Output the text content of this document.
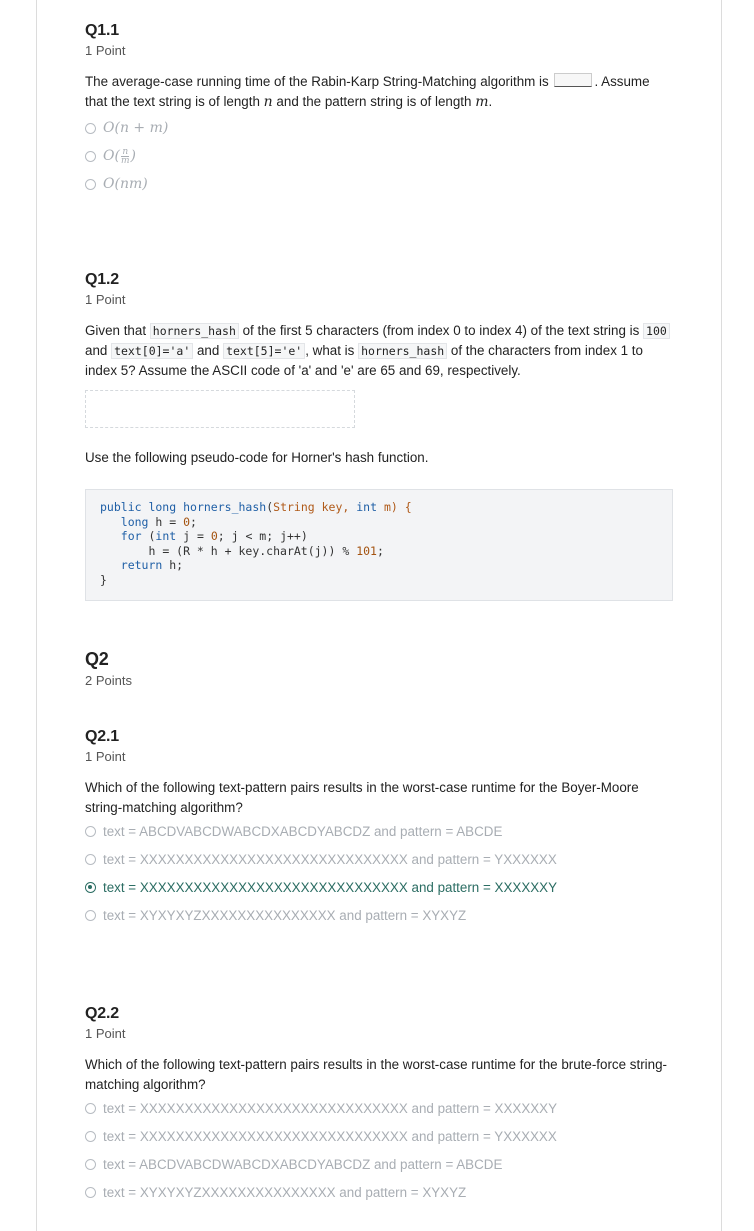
Q1.1
1 Point
The average-case running time of the Rabin-Karp String-Matching algorithm is	. Assume that the text string is of length n and the pattern string is of length m.
O(n + m)
$O( \frac{n}{m}$ )
O(nm)
Q1.2
1 Point
Given that horners_hash of the first 5 characters (from index 0 to index 4) of the text string is 100 and text[0]='a' and text[5]='e' , what is horners_hash of the characters from index 1 to index 5? Assume the ASCII code of 'a' and 'e' are 65 and 69, respectively.
Use the following pseudo-code for Horner's hash function.
public long horners_hash(String key, int m) {
long h = 0;
for (int j = 0; j < m; j++)
h = (R * h + key.charAt(j)) % 101;
return h;
}
Q2
2 Points
Q2.1
1 Point
Which of the following text-pattern pairs results in the worst-case runtime for the Boyer-Moore string-matching algorithm?
text = ABCDVABCDWABCDXABCDYABCDZ and pattern = ABCDE
text = XXXXXXXXXXXXXXXXXXXXXXXXXXXXXX and pattern = YXXXXXX
text = XXXXXXXXXXXXXXXXXXXXXXXXXXXXXX and pattern = XXXXXXY
text = XYXYXYZXXXXXXXXXXXXXXX and pattern = XYXYZ
Q2.2
1 Point
Which of the following text-pattern pairs results in the worst-case runtime for the brute-force string-matching algorithm?
text = XXXXXXXXXXXXXXXXXXXXXXXXXXXXXX and pattern = XXXXXXY
text = XXXXXXXXXXXXXXXXXXXXXXXXXXXXXX and pattern = YXXXXXX
text = ABCDVABCDWABCDXABCDYABCDZ and pattern = ABCDE
text = XYXYXYZXXXXXXXXXXXXXXX and pattern = XYXYZ
